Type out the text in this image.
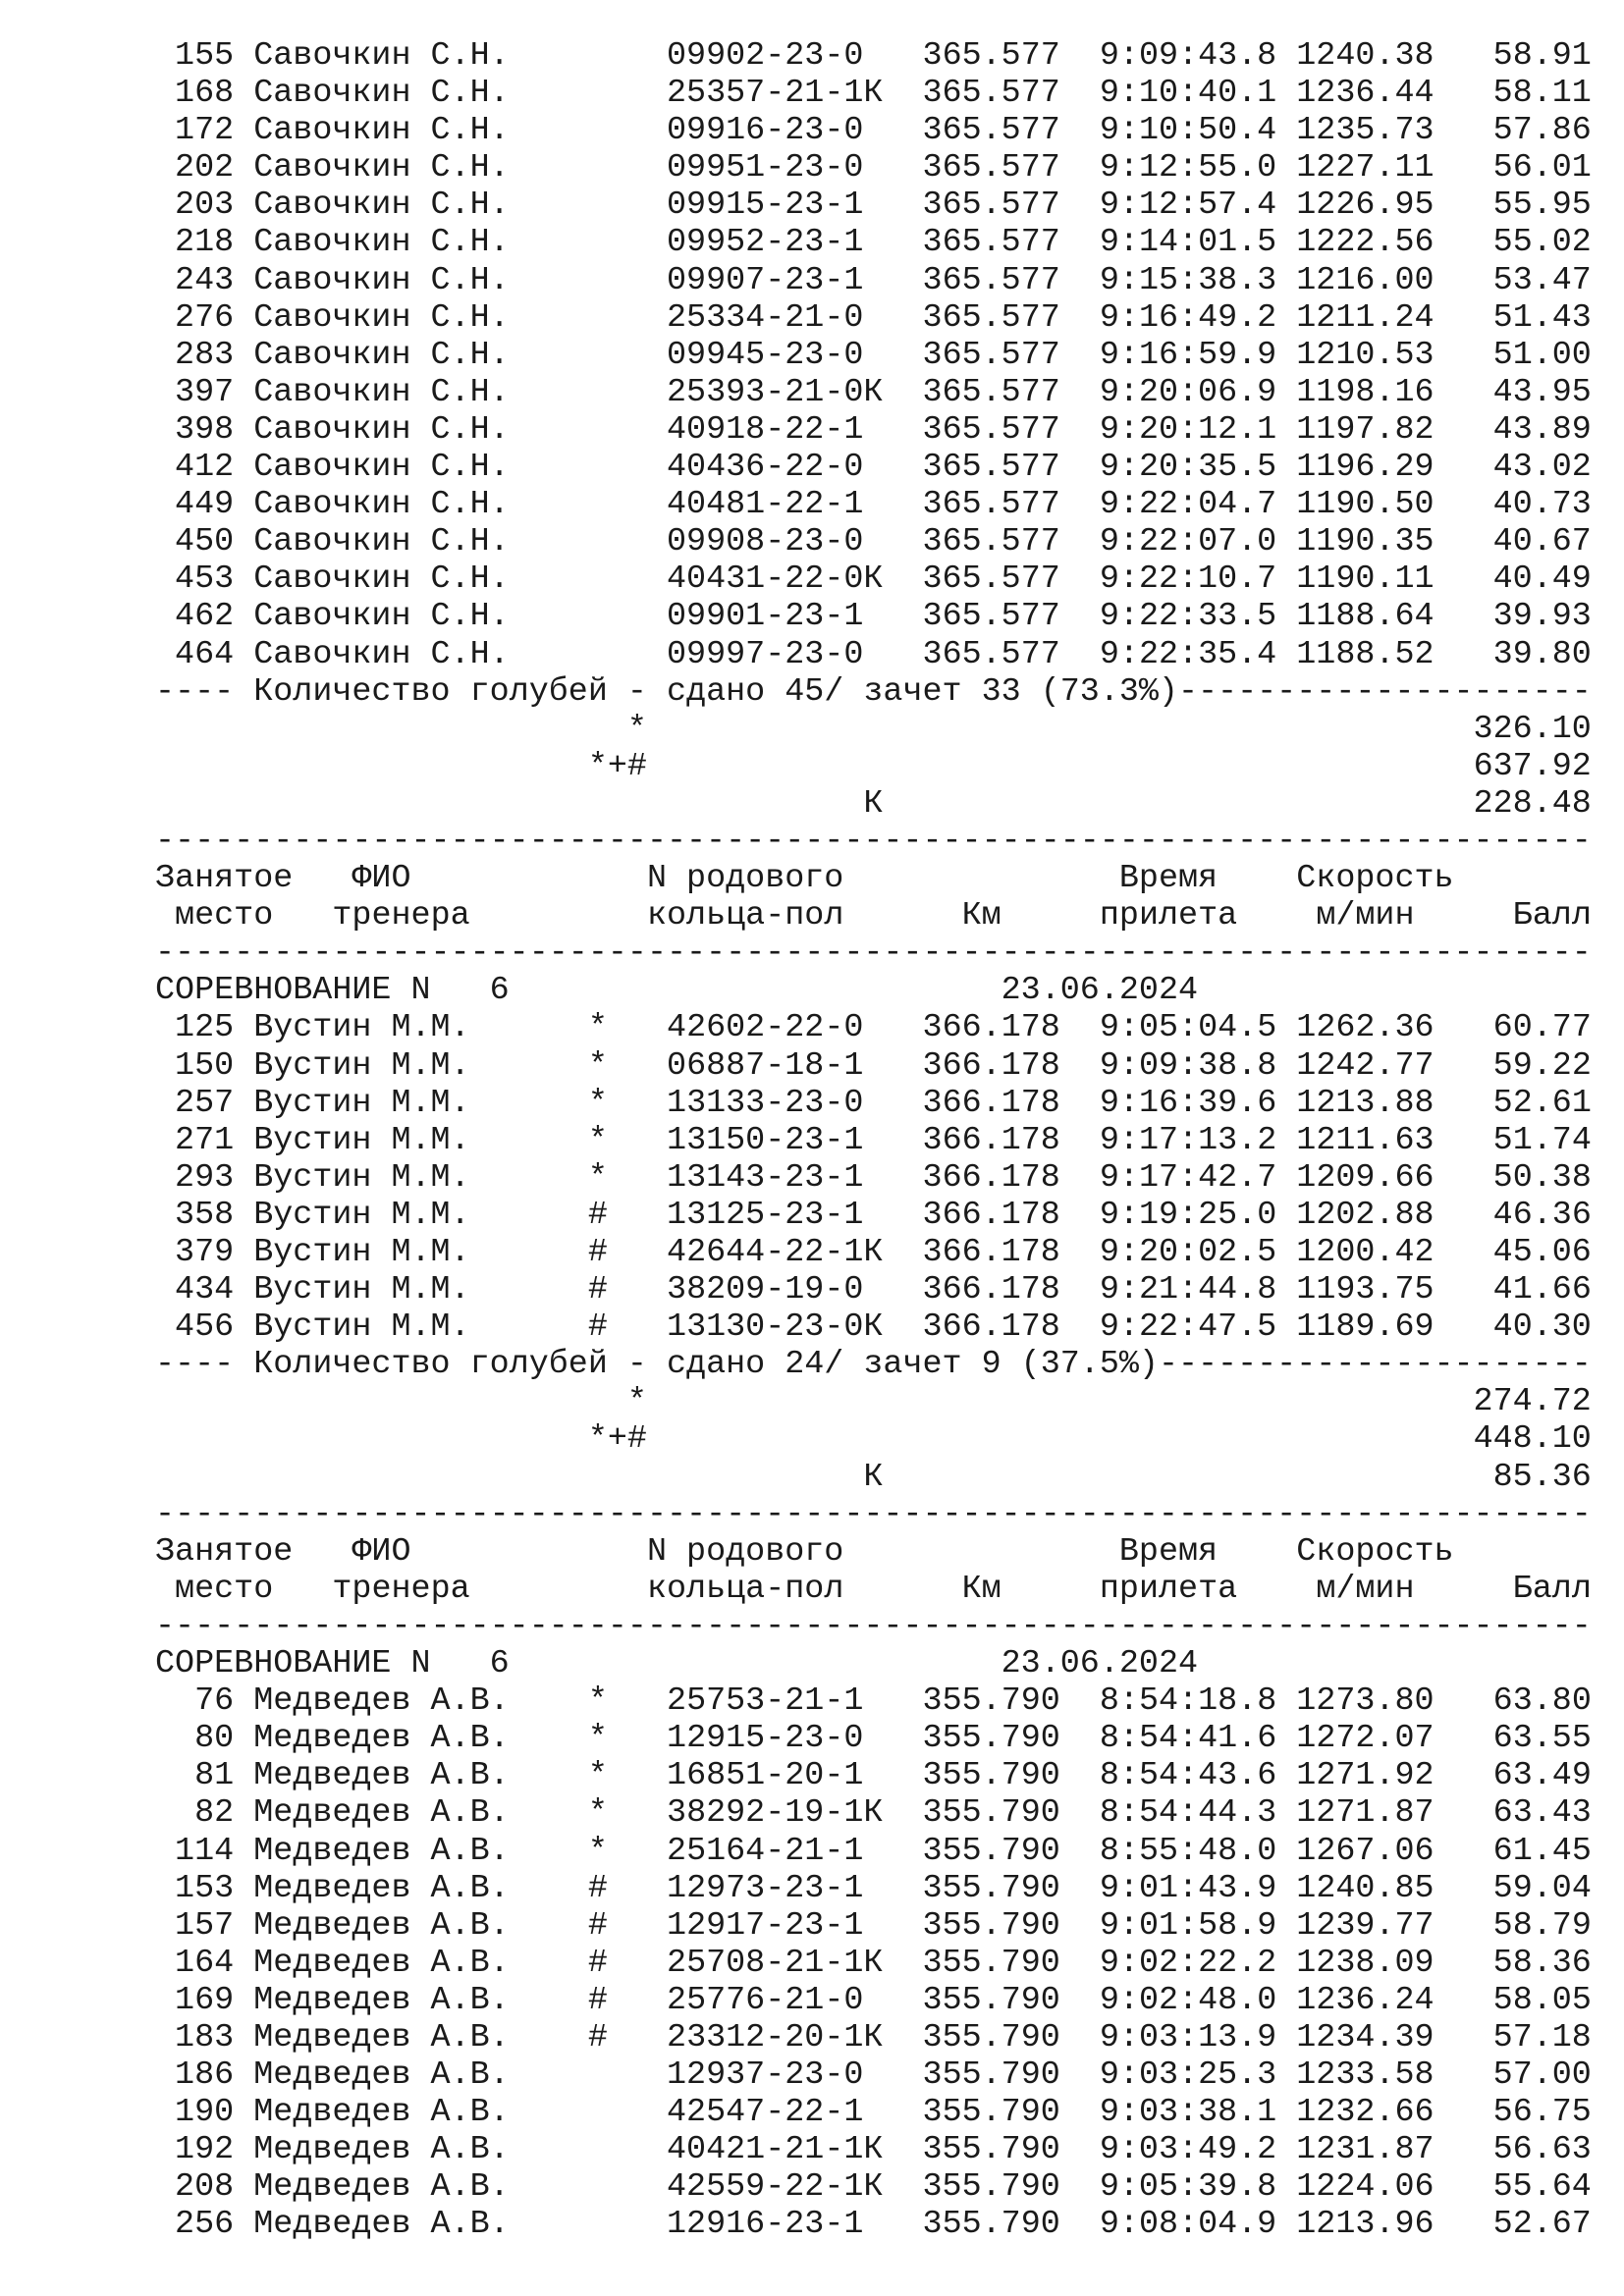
155 Савочкин С.Н.	09902-23-0 365.577 9:09:43.8 1240.38 58.91
168 Савочкин С.Н.	25357-21-1К 365.577 9:10:40.1 1236.44 58.11
172 Савочкин С.Н.	09916-23-0 365.577 9:10:50.4 1235.73 57.86
202 Савочкин С.Н.	09951-23-0 365.577 9:12:55.0 1227.11 56.01
203 Савочкин С.Н.	09915-23-1 365.577 9:12:57.4 1226.95 55.95
218 Савочкин С.Н.	09952-23-1 365.577 9:14:01.5 1222.56 55.02
243 Савочкин С.Н.	09907-23-1 365.577 9:15:38.3 1216.00 53.47
276 Савочкин С.Н.	25334-21-0 365.577 9:16:49.2 1211.24 51.43
283 Савочкин С.Н.	09945-23-0 365.577 9:16:59.9 1210.53 51.00
397 Савочкин С.Н.	25393-21-0К 365.577 9:20:06.9 1198.16 43.95
398 Савочкин С.Н.	40918-22-1 365.577 9:20:12.1 1197.82 43.89
412 Савочкин С.Н.	40436-22-0 365.577 9:20:35.5 1196.29 43.02
449 Савочкин С.Н.	40481-22-1 365.577 9:22:04.7 1190.50 40.73
450 Савочкин С.Н.	09908-23-0 365.577 9:22:07.0 1190.35 40.67
453 Савочкин С.Н.	40431-22-0К 365.577 9:22:10.7 1190.11 40.49
462 Савочкин С.Н.	09901-23-1 365.577 9:22:33.5 1188.64 39.93
464 Савочкин С.Н.	09997-23-0 365.577 9:22:35.4 1188.52 39.80
---- Количество голубей - сдано 45/ зачет 33 (73.3%)---------------------
*	326.10
*+#	637.92
К	228.48
-------------------------------------------------------------------------
Занятое ФИО	N родового	Время Скорость
место тренера	кольца-пол	Км	прилета м/мин	Балл
-------------------------------------------------------------------------
СОРЕВНОВАНИЕ N   6	23.06.2024
125 Вустин М.М.	* 42602-22-0 366.178 9:05:04.5 1262.36 60.77
150 Вустин М.М.	* 06887-18-1 366.178 9:09:38.8 1242.77 59.22
257 Вустин М.М.	* 13133-23-0 366.178 9:16:39.6 1213.88 52.61
271 Вустин М.М.	* 13150-23-1 366.178 9:17:13.2 1211.63 51.74
293 Вустин М.М.	* 13143-23-1 366.178 9:17:42.7 1209.66 50.38
358 Вустин М.М.	# 13125-23-1 366.178 9:19:25.0 1202.88 46.36
379 Вустин М.М.	# 42644-22-1К 366.178 9:20:02.5 1200.42 45.06
434 Вустин М.М.	# 38209-19-0 366.178 9:21:44.8 1193.75 41.66
456 Вустин М.М.	# 13130-23-0К 366.178 9:22:47.5 1189.69 40.30
---- Количество голубей - сдано 24/ зачет 9 (37.5%)----------------------
*	274.72
*+#	448.10
К	85.36
-------------------------------------------------------------------------
Занятое ФИО	N родового	Время Скорость
место тренера	кольца-пол	Км	прилета м/мин	Балл
-------------------------------------------------------------------------
СОРЕВНОВАНИЕ N   6	23.06.2024
76 Медведев А.В. * 25753-21-1 355.790 8:54:18.8 1273.80 63.80
80 Медведев А.В. * 12915-23-0 355.790 8:54:41.6 1272.07 63.55
81 Медведев А.В. * 16851-20-1 355.790 8:54:43.6 1271.92 63.49
82 Медведев А.В. * 38292-19-1К 355.790 8:54:44.3 1271.87 63.43
114 Медведев А.В. * 25164-21-1 355.790 8:55:48.0 1267.06 61.45
153 Медведев А.В. # 12973-23-1 355.790 9:01:43.9 1240.85 59.04
157 Медведев А.В. # 12917-23-1 355.790 9:01:58.9 1239.77 58.79
164 Медведев А.В. # 25708-21-1К 355.790 9:02:22.2 1238.09 58.36
169 Медведев А.В. # 25776-21-0 355.790 9:02:48.0 1236.24 58.05
183 Медведев А.В. # 23312-20-1К 355.790 9:03:13.9 1234.39 57.18
186 Медведев А.В.	12937-23-0 355.790 9:03:25.3 1233.58 57.00
190 Медведев А.В.	42547-22-1 355.790 9:03:38.1 1232.66 56.75
192 Медведев А.В.	40421-21-1К 355.790 9:03:49.2 1231.87 56.63
208 Медведев А.В.	42559-22-1К 355.790 9:05:39.8 1224.06 55.64
256 Медведев А.В.	12916-23-1 355.790 9:08:04.9 1213.96 52.67
